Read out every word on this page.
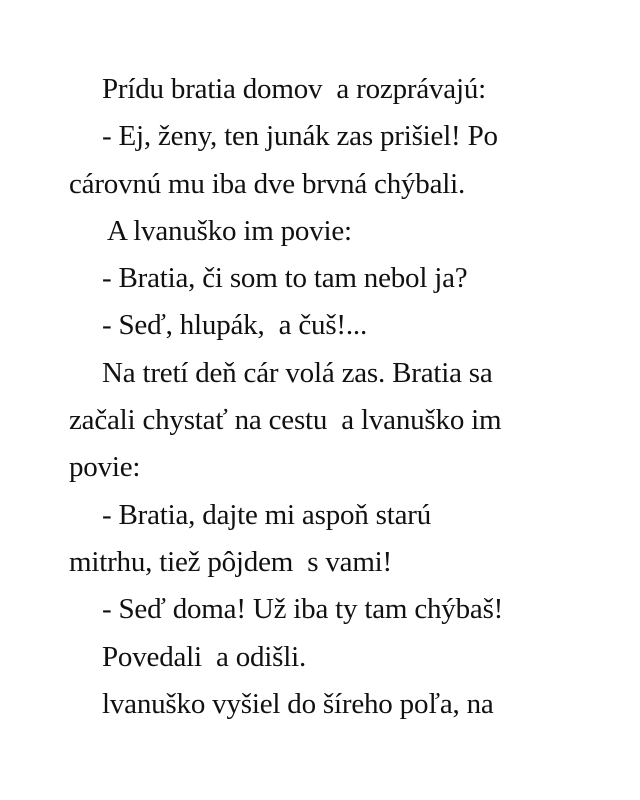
Prídu bratia domov  a rozprávajú:
- Ej, ženy, ten junák zas prišiel! Po
cárovnú mu iba dve brvná chýbali.
A lvanuško im povie:
- Bratia, či som to tam nebol ja?
- Seď, hlupák,  a čuš!...
Na tretí deň cár volá zas. Bratia sa
začali chystať na cestu  a lvanuško im
povie:
- Bratia, dajte mi aspoň starú
mitrhu, tiež pôjdem  s vami!
- Seď doma! Už iba ty tam chýbaš!
Povedali  a odišli.
lvanuško vyšiel do šíreho poľa, na
